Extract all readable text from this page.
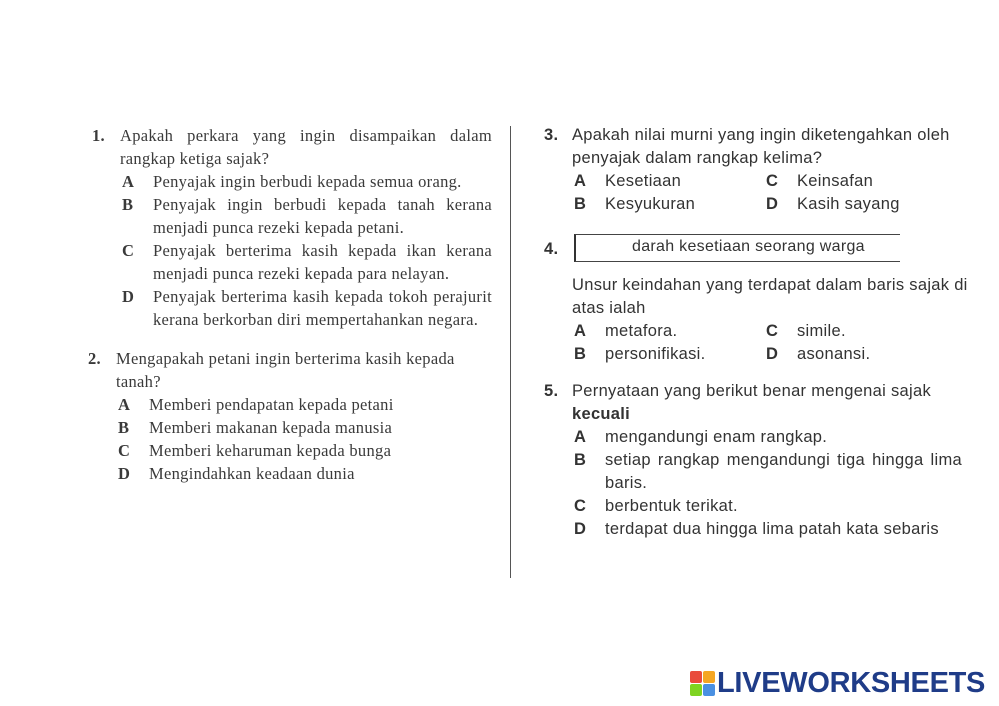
1. Apakah perkara yang ingin disampaikan dalam rangkap ketiga sajak?
A Penyajak ingin berbudi kepada semua orang.
B Penyajak ingin berbudi kepada tanah kerana menjadi punca rezeki kepada petani.
C Penyajak berterima kasih kepada ikan kerana menjadi punca rezeki kepada para nelayan.
D Penyajak berterima kasih kepada tokoh perajurit kerana berkorban diri mempertahankan negara.
2. Mengapakah petani ingin berterima kasih kepada tanah?
A Memberi pendapatan kepada petani
B Memberi makanan kepada manusia
C Memberi keharuman kepada bunga
D Mengindahkan keadaan dunia
3. Apakah nilai murni yang ingin diketengahkan oleh penyajak dalam rangkap kelima?
A Kesetiaan	C Keinsafan
B Kesyukuran	D Kasih sayang
4.	darah kesetiaan seorang warga
Unsur keindahan yang terdapat dalam baris sajak di atas ialah
A metafora.	C simile.
B personifikasi.	D asonansi.
5. Pernyataan yang berikut benar mengenai sajak kecuali
A mengandungi enam rangkap.
B setiap rangkap mengandungi tiga hingga lima baris.
C berbentuk terikat.
D terdapat dua hingga lima patah kata sebaris
LIVEWORKSHEETS
